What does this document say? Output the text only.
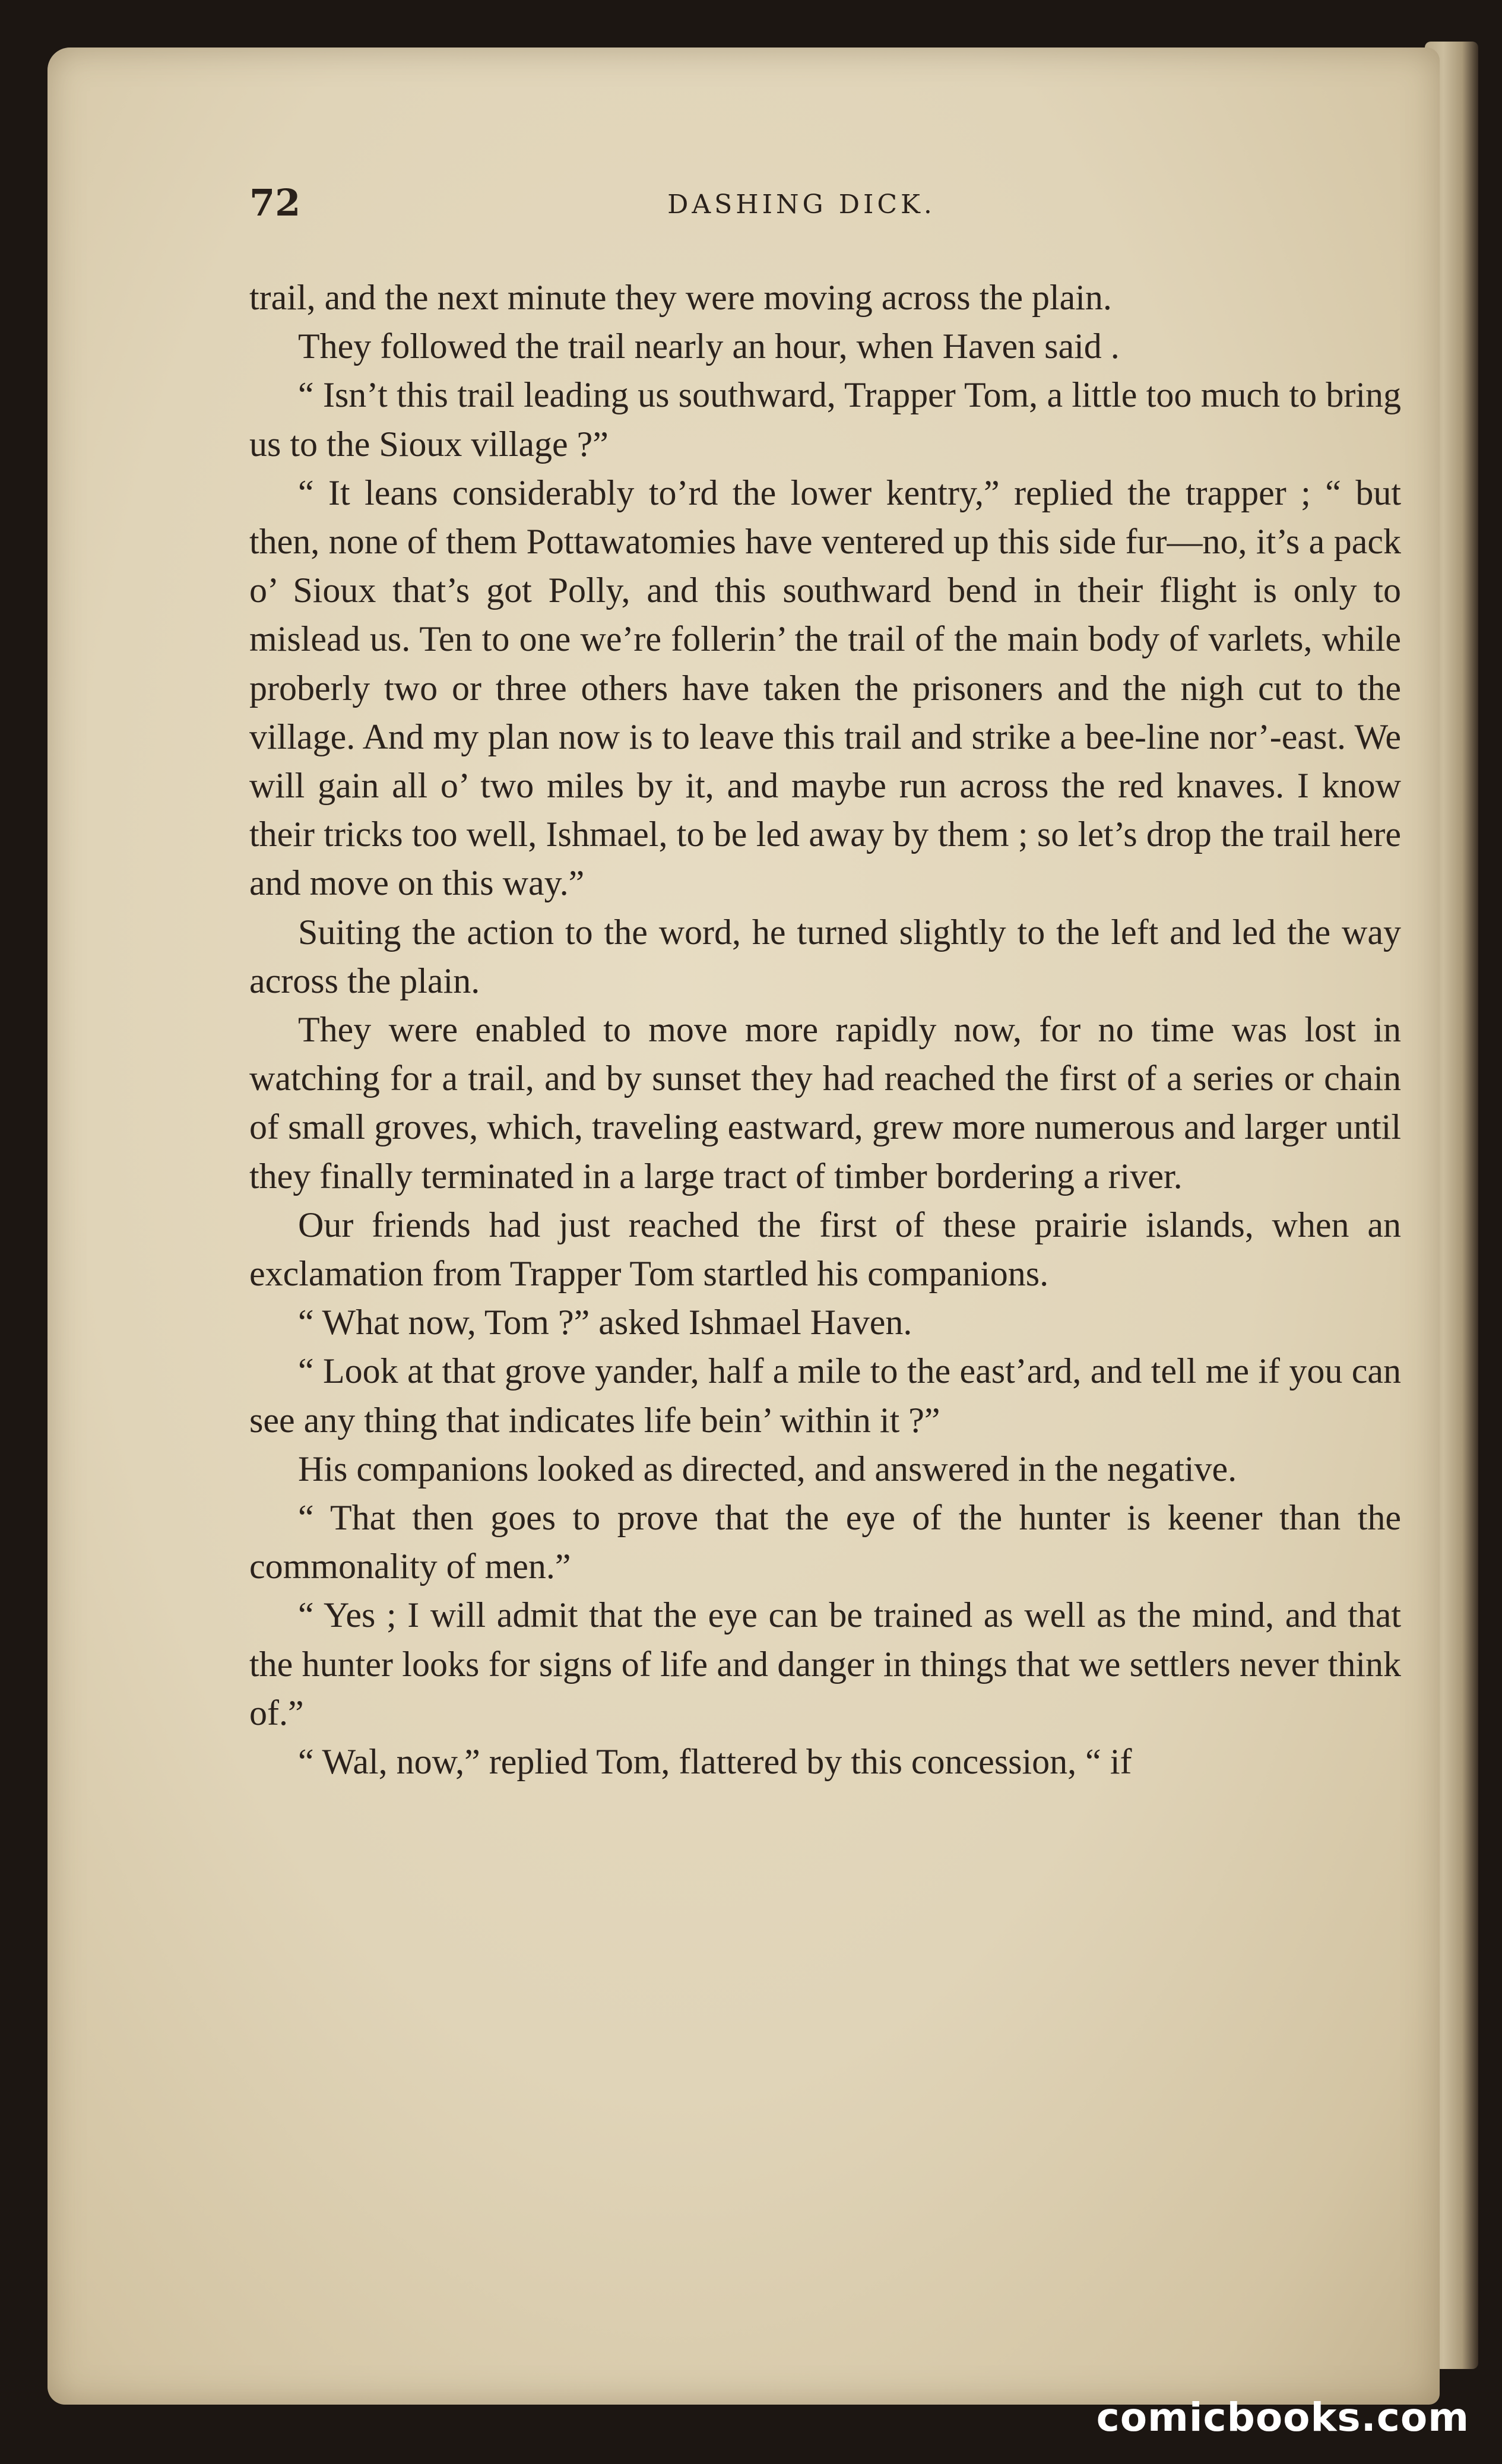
72	DASHING DICK.

trail, and the next minute they were moving across the plain.

They followed the trail nearly an hour, when Haven said .

“ Isn’t this trail leading us southward, Trapper Tom, a little too much to bring us to the Sioux village ?”

“ It leans considerably to’rd the lower kentry,” replied the trapper ; “ but then, none of them Pottawatomies have ventered up this side fur—no, it’s a pack o’ Sioux that’s got Polly, and this southward bend in their flight is only to mislead us. Ten to one we’re follerin’ the trail of the main body of varlets, while proberly two or three others have taken the prisoners and the nigh cut to the village. And my plan now is to leave this trail and strike a bee-line nor’-east. We will gain all o’ two miles by it, and maybe run across the red knaves. I know their tricks too well, Ishmael, to be led away by them ; so let’s drop the trail here and move on this way.”

Suiting the action to the word, he turned slightly to the left and led the way across the plain.

They were enabled to move more rapidly now, for no time was lost in watching for a trail, and by sunset they had reached the first of a series or chain of small groves, which, traveling eastward, grew more numerous and larger until they finally terminated in a large tract of timber bordering a river.

Our friends had just reached the first of these prairie islands, when an exclamation from Trapper Tom startled his companions.

“ What now, Tom ?” asked Ishmael Haven.

“ Look at that grove yander, half a mile to the east’ard, and tell me if you can see any thing that indicates life bein’ within it ?”

His companions looked as directed, and answered in the negative.

“ That then goes to prove that the eye of the hunter is keener than the commonality of men.”

“ Yes ; I will admit that the eye can be trained as well as the mind, and that the hunter looks for signs of life and danger in things that we settlers never think of.”

“ Wal, now,” replied Tom, flattered by this concession, “ if

comicbooks.com
